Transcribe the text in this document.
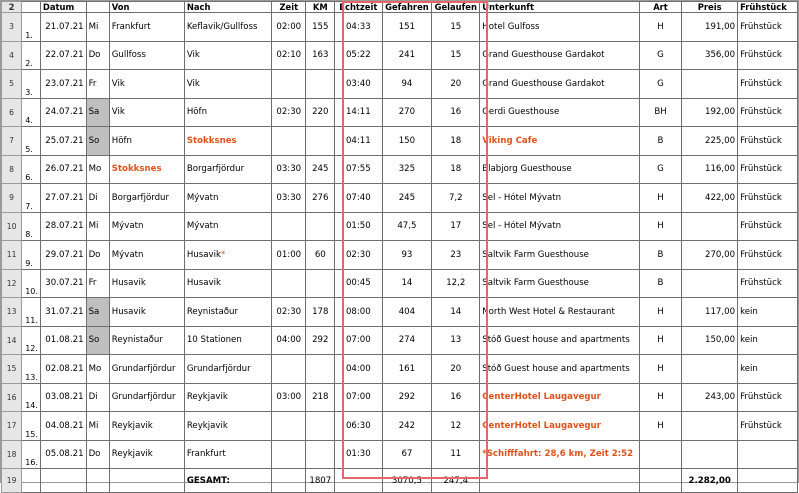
2		Datum		Von	Nach	Zeit	KM	Echtzeit	Gefahren	Gelaufen	Unterkunft	Art	Preis	Frühstück
3	1.	21.07.21	Mi	Frankfurt	Keflavik/Gullfoss	02:00	155	04:33	151	15	Hotel Gulfoss	H	191,00	Frühstück
4	2.	22.07.21	Do	Gullfoss	Vik	02:10	163	05:22	241	15	Grand Guesthouse Gardakot	G	356,00	Frühstück
5	3.	23.07.21	Fr	Vik	Vik			03:40	94	20	Grand Guesthouse Gardakot	G		Frühstück
6	4.	24.07.21	Sa	Vik	Höfn	02:30	220	14:11	270	16	Gerdi Guesthouse	BH	192,00	Frühstück
7	5.	25.07.21	So	Höfn	Stokksnes			04:11	150	18	Viking Cafe	B	225,00	Frühstück
8	6.	26.07.21	Mo	Stokksnes	Borgarfjördur	03:30	245	07:55	325	18	Blabjorg Guesthouse	G	116,00	Frühstück
9	7.	27.07.21	Di	Borgarfjördur	Mývatn	03:30	276	07:40	245	7,2	Sel - Hótel Mývatn	H	422,00	Frühstück
10	8.	28.07.21	Mi	Mývatn	Mývatn			01:50	47,5	17	Sel - Hótel Mývatn	H		Frühstück
11	9.	29.07.21	Do	Mývatn	Husavik*	01:00	60	02:30	93	23	Saltvik Farm Guesthouse	B	270,00	Frühstück
12	10.	30.07.21	Fr	Husavik	Husavik			00:45	14	12,2	Saltvik Farm Guesthouse	B		Frühstück
13	11.	31.07.21	Sa	Husavik	Reynistaður	02:30	178	08:00	404	14	North West Hotel & Restaurant	H	117,00	kein
14	12.	01.08.21	So	Reynistaður	10 Stationen	04:00	292	07:00	274	13	Stóð Guest house and apartments	H	150,00	kein
15	13.	02.08.21	Mo	Grundarfjördur	Grundarfjördur			04:00	161	20	Stóð Guest house and apartments	H		kein
16	14.	03.08.21	Di	Grundarfjördur	Reykjavik	03:00	218	07:00	292	16	CenterHotel Laugavegur	H	243,00	Frühstück
17	15.	04.08.21	Mi	Reykjavik	Reykjavik			06:30	242	12	CenterHotel Laugavegur	H		Frühstück
18	16.	05.08.21	Do	Reykjavik	Frankfurt			01:30	67	11	*Schifffahrt: 28,6 km, Zeit 2:52			
19					GESAMT:		1807		3070,5	247,4			2.282,00	
